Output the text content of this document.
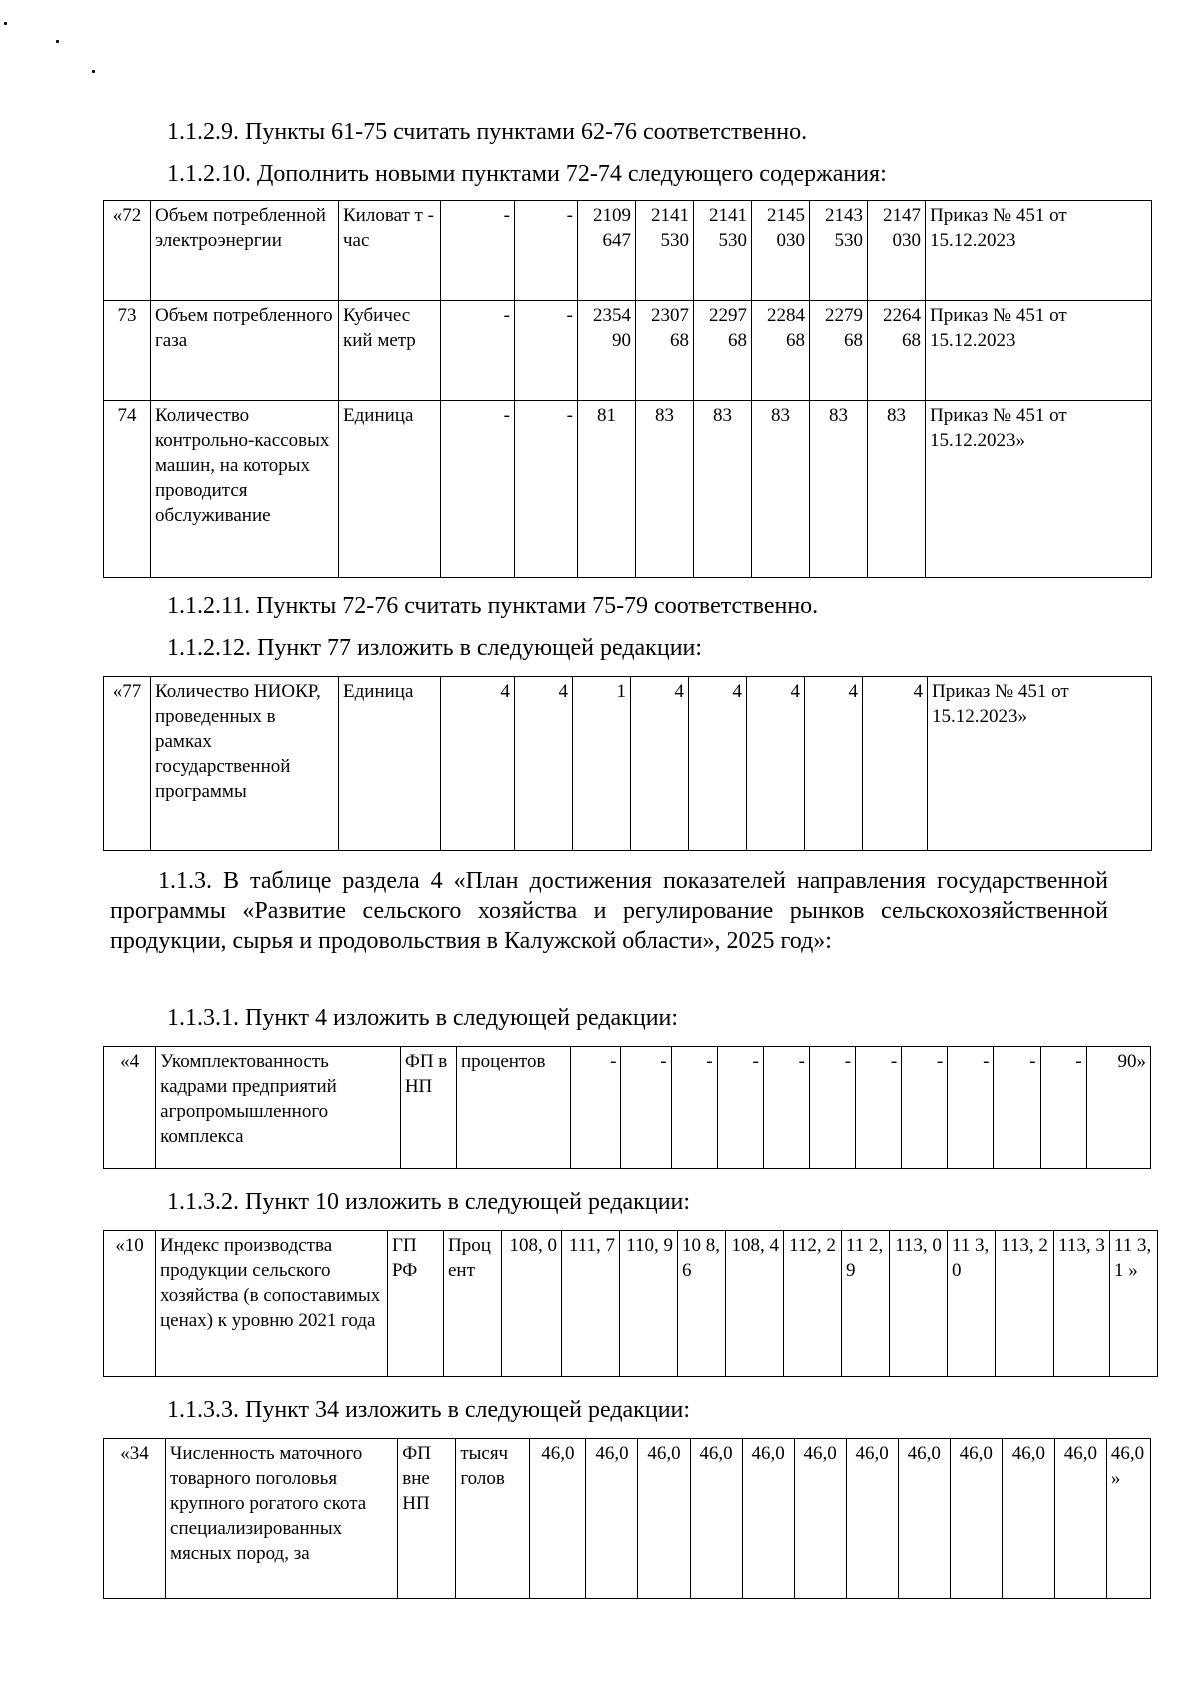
1.1.2.9. Пункты 61-75 считать пунктами 62-76 соответственно.
1.1.2.10. Дополнить новыми пунктами 72-74 следующего содержания:
«72	Объем потребленной электроэнергии	Киловат т - час	-	-	2109 647	2141 530	2141 530	2145 030	2143 530	2147 030	Приказ № 451 от 15.12.2023
73	Объем потребленного газа	Кубичес кий метр	-	-	2354 90	2307 68	2297 68	2284 68	2279 68	2264 68	Приказ № 451 от 15.12.2023
74	Количество контрольно-кассовых машин, на которых проводится обслуживание	Единица	-	-	81	83	83	83	83	83	Приказ № 451 от 15.12.2023»
1.1.2.11. Пункты 72-76 считать пунктами 75-79 соответственно.
1.1.2.12. Пункт 77 изложить в следующей редакции:
«77	Количество НИОКР, проведенных в рамках государственной программы	Единица	4	4	1	4	4	4	4	4	Приказ № 451 от 15.12.2023»
1.1.3. В таблице раздела 4 «План достижения показателей направления государственной программы «Развитие сельского хозяйства и регулирование рынков сельскохозяйственной продукции, сырья и продовольствия в Калужской области», 2025 год»:
1.1.3.1. Пункт 4 изложить в следующей редакции:
«4	Укомплектованность кадрами предприятий агропромышленного комплекса	ФП в НП	процентов	-	-	-	-	-	-	-	-	-	-	-	90»
1.1.3.2. Пункт 10 изложить в следующей редакции:
«10	Индекс производства продукции сельского хозяйства (в сопоставимых ценах) к уровню 2021 года	ГП РФ	Проц ент	108, 0	111, 7	110, 9	10 8,6	108, 4	112, 2	11 2,9	113, 0	11 3,0	113, 2	113, 3	11 3,1 »
1.1.3.3. Пункт 34 изложить в следующей редакции:
«34	Численность маточного товарного поголовья крупного рогатого скота специализированных мясных пород, за	ФП вне НП	тысяч голов	46,0	46,0	46,0	46,0	46,0	46,0	46,0	46,0	46,0	46,0	46,0	46,0 »
